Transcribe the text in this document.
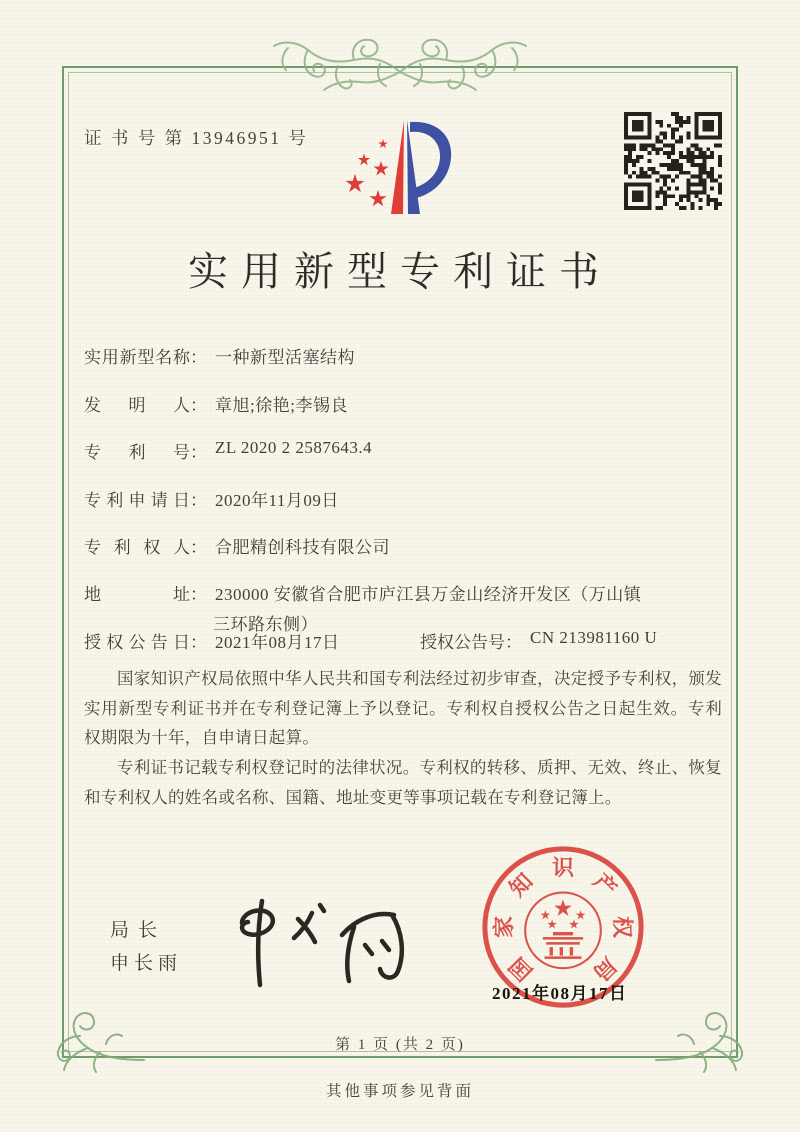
证 书 号 第 13946951 号
实用新型专利证书
实用新型名称： 一种新型活塞结构
发明人： 章旭;徐艳;李锡良
专利号： ZL 2020 2 2587643.4
专利申请日： 2020年11月09日
专利权人： 合肥精创科技有限公司
地址： 230000 安徽省合肥市庐江县万金山经济开发区（万山镇
三环路东侧）
授权公告日： 2021年08月17日	授权公告号： CN 213981160 U

国家知识产权局依照中华人民共和国专利法经过初步审查，决定授予专利权，颁发实用新型专利证书并在专利登记簿上予以登记。专利权自授权公告之日起生效。专利权期限为十年，自申请日起算。

专利证书记载专利权登记时的法律状况。专利权的转移、质押、无效、终止、恢复和专利权人的姓名或名称、国籍、地址变更等事项记载在专利登记簿上。

局长
申长雨	国
家
知
识
产
权
局
2021年08月17日
第 1 页 (共 2 页)
其他事项参见背面
